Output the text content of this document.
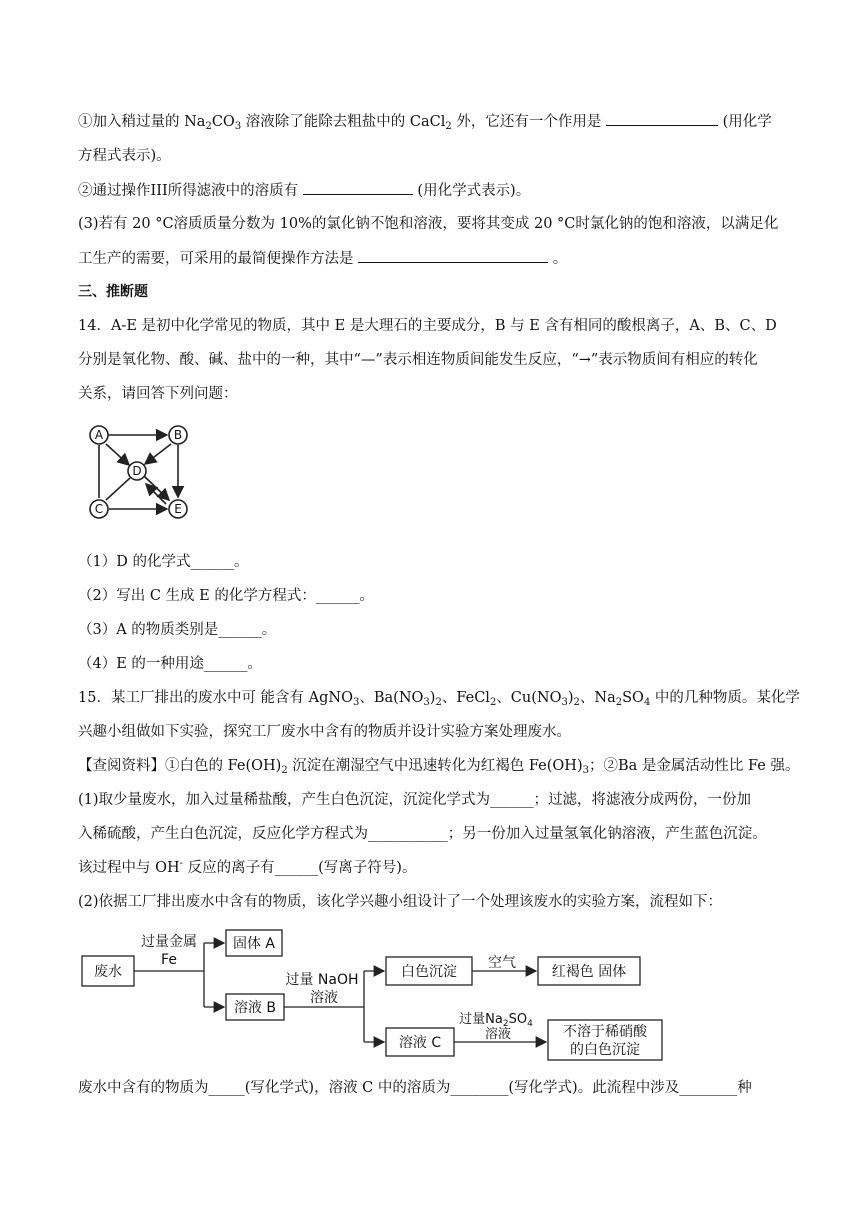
①加入稍过量的 $Na_2CO_3$ 溶液除了能除去粗盐中的 CaCl$_2$ 外，它还有一个作用是	(用化学
方程式表示)。
②通过操作III所得滤液中的溶质有	(用化学式表示)。
(3)若有 20 °C溶质质量分数为 10%的氯化钠不饱和溶液，要将其变成 20 °C时氯化钠的饱和溶液，以满足化
工生产的需要，可采用的最简便操作方法是	。
三、推断题
14．A-E 是初中化学常见的物质，其中 E 是大理石的主要成分，B 与 E 含有相同的酸根离子，A、B、C、D
分别是氧化物、酸、碱、盐中的一种，其中“—”表示相连物质间能发生反应，“→”表示物质间有相应的转化
关系，请回答下列问题：
A	B
D
C	E
（1）D 的化学式______。
（2）写出 C 生成 E 的化学方程式：______。
（3）A 的物质类别是______。
（4）E 的一种用途______。
15．某工厂排出的废水中可 能含有 AgNO$_3$、$Ba(NO_3)_2$、FeCl$_2$、$Cu(NO_3)_2$、$Na_2SO_4$ 中的几种物质。某化学
兴趣小组做如下实验，探究工厂废水中含有的物质并设计实验方案处理废水。
【查阅资料】①白色的 $Fe(OH)_2$ 沉淀在潮湿空气中迅速转化为红褐色 $Fe(OH)_3$；②Ba 是金属活动性比 Fe 强。
(1)取少量废水，加入过量稀盐酸，产生白色沉淀，沉淀化学式为______；过滤，将滤液分成两份，一份加
入稀硫酸，产生白色沉淀，反应化学方程式为___________；另一份加入过量氢氧化钠溶液，产生蓝色沉淀。
该过程中与 OH- 反应的离子有______(写离子符号)。
(2)依据工厂排出废水中含有的物质，该化学兴趣小组设计了一个处理该废水的实验方案，流程如下：
废水
固体 A
溶液 B
白色沉淀	红褐色 固体
溶液 C
不溶于稀硝酸
的白色沉淀
过量金属
Fe
过量 NaOH
溶液
空气
过量$Na_2SO_4$
溶液
废水中含有的物质为_____(写化学式)，溶液 C 中的溶质为________(写化学式)。此流程中涉及________种
